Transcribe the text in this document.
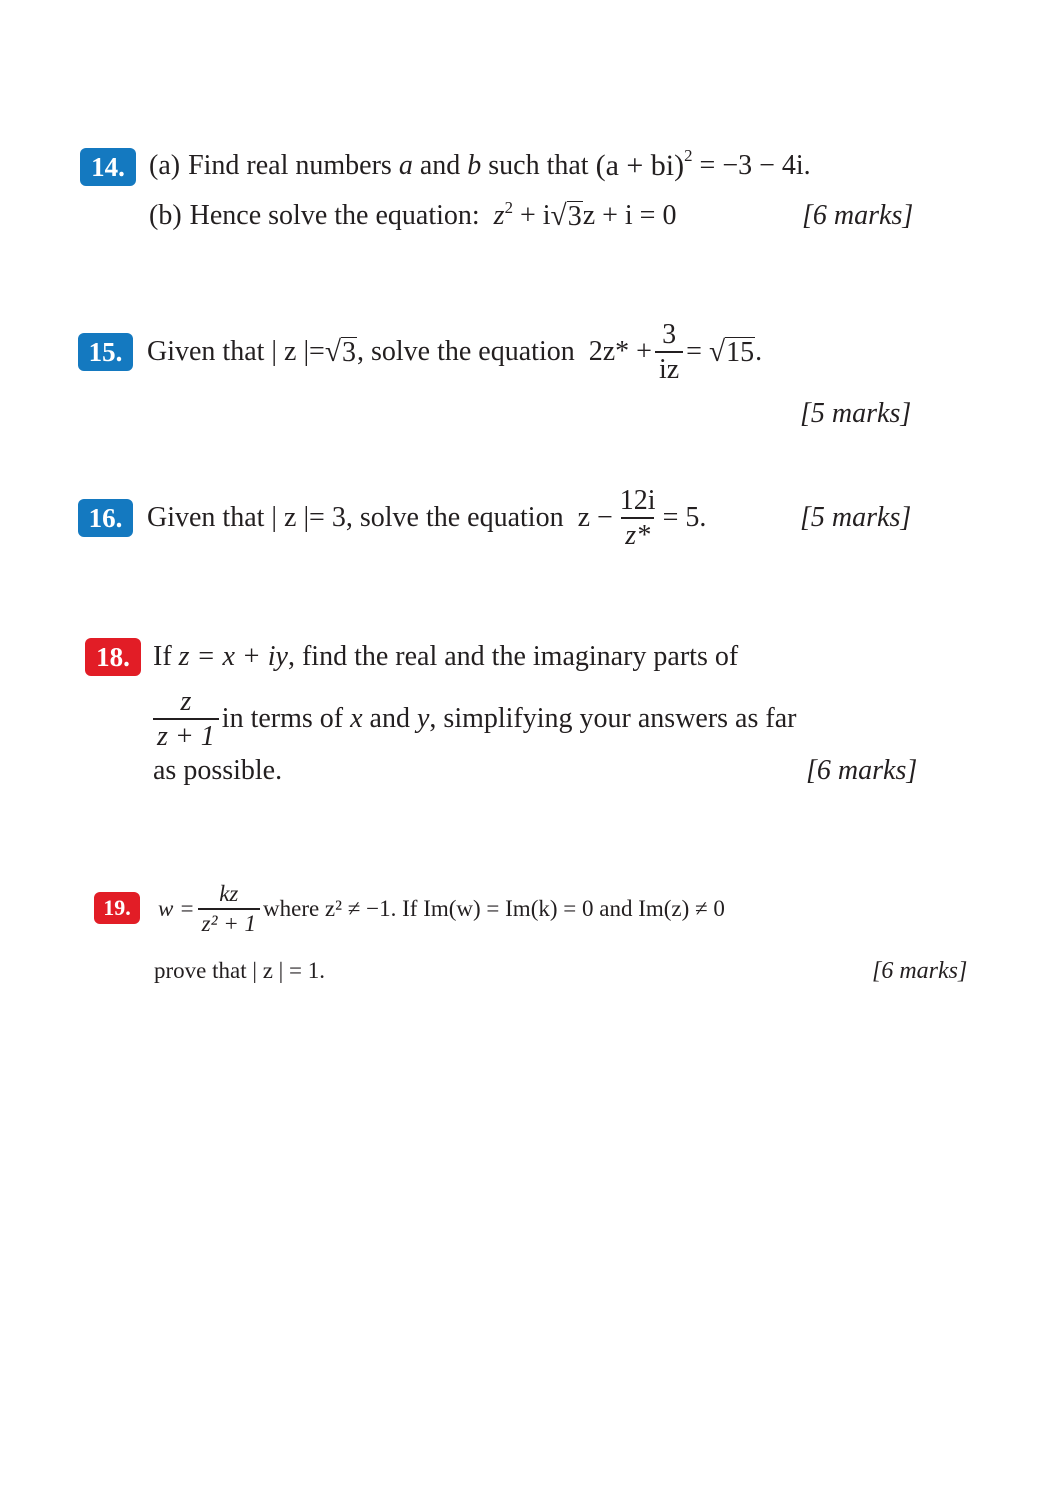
14. (a) Find real numbers
a
and
b
such that
(a + bi) 2
= −3 − 4i.
(b) Hence solve the equation:
z 2
+ i √ 3 z + i = 0	[6 marks]
15. Given that
| z |= √ 3 , solve the equation
$2z* + \frac{3}{iz}$ =
√ 15 .
[5 marks]
16. Given that
| z |= 3, solve the equation
$z - \frac{12i}{z*} = 5$.	[5 marks]
18. If
z = x + iy , find the real and the imaginary parts of
$\frac{z}{z + 1}$ in terms of
x
and
y , simplifying your answers as far
as possible.	[6 marks]
19.	$w = \frac{kz}{\text{z² + 1}}$ where z² ≠ −1. If Im(w) = Im(k) = 0 and Im(z) ≠ 0
prove that | z | = 1.	[6 marks]
